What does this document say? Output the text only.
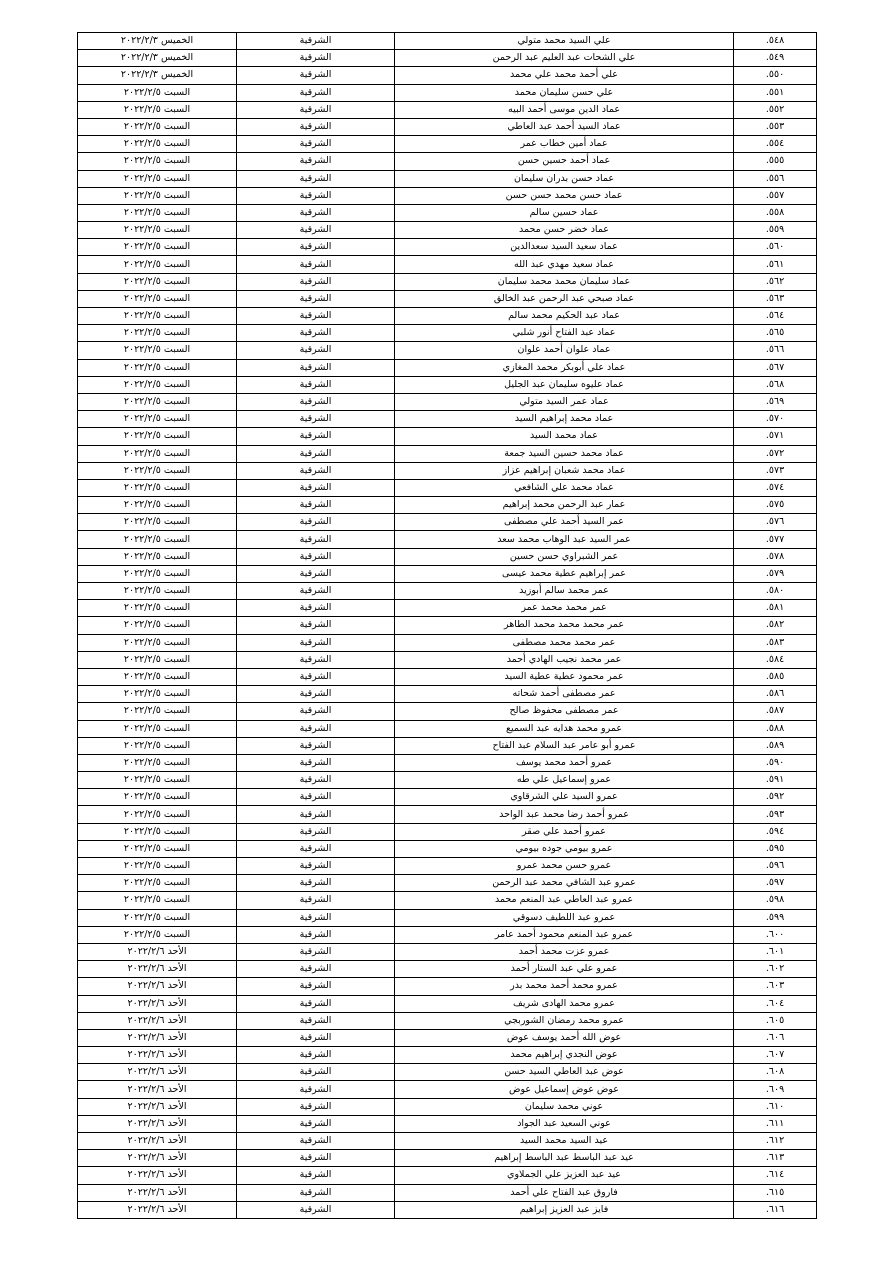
٥٤٨.	علي السيد محمد متولي	الشرقية	الخميس ٢٠٢٢/٢/٣
٥٤٩.	علي الشحات عبد العليم عبد الرحمن	الشرقية	الخميس ٢٠٢٢/٢/٣
٥٥٠.	علي أحمد محمد علي محمد	الشرقية	الخميس ٢٠٢٢/٢/٣
٥٥١.	علي حسن سليمان محمد	الشرقية	السبت ٢٠٢٢/٢/٥
٥٥٢.	عماد الدين موسى أحمد البيه	الشرقية	السبت ٢٠٢٢/٢/٥
٥٥٣.	عماد السيد أحمد عبد العاطي	الشرقية	السبت ٢٠٢٢/٢/٥
٥٥٤.	عماد أمين خطاب عمر	الشرقية	السبت ٢٠٢٢/٢/٥
٥٥٥.	عماد أحمد حسين حسن	الشرقية	السبت ٢٠٢٢/٢/٥
٥٥٦.	عماد حسن بدران سليمان	الشرقية	السبت ٢٠٢٢/٢/٥
٥٥٧.	عماد حسن محمد حسن حسن	الشرقية	السبت ٢٠٢٢/٢/٥
٥٥٨.	عماد حسين سالم	الشرقية	السبت ٢٠٢٢/٢/٥
٥٥٩.	عماد خضر حسن محمد	الشرقية	السبت ٢٠٢٢/٢/٥
٥٦٠.	عماد سعيد السيد سعدالدين	الشرقية	السبت ٢٠٢٢/٢/٥
٥٦١.	عماد سعيد مهدي عبد الله	الشرقية	السبت ٢٠٢٢/٢/٥
٥٦٢.	عماد سليمان محمد محمد سليمان	الشرقية	السبت ٢٠٢٢/٢/٥
٥٦٣.	عماد صبحي عبد الرحمن عبد الخالق	الشرقية	السبت ٢٠٢٢/٢/٥
٥٦٤.	عماد عبد الحكيم محمد سالم	الشرقية	السبت ٢٠٢٢/٢/٥
٥٦٥.	عماد عبد الفتاح أنور شلبي	الشرقية	السبت ٢٠٢٢/٢/٥
٥٦٦.	عماد علوان أحمد علوان	الشرقية	السبت ٢٠٢٢/٢/٥
٥٦٧.	عماد علي أبوبكر محمد المغازي	الشرقية	السبت ٢٠٢٢/٢/٥
٥٦٨.	عماد عليوه سليمان عبد الجليل	الشرقية	السبت ٢٠٢٢/٢/٥
٥٦٩.	عماد عمر السيد متولي	الشرقية	السبت ٢٠٢٢/٢/٥
٥٧٠.	عماد محمد إبراهيم السيد	الشرقية	السبت ٢٠٢٢/٢/٥
٥٧١.	عماد محمد السيد	الشرقية	السبت ٢٠٢٢/٢/٥
٥٧٢.	عماد محمد حسين السيد جمعة	الشرقية	السبت ٢٠٢٢/٢/٥
٥٧٣.	عماد محمد شعبان إبراهيم عزاز	الشرقية	السبت ٢٠٢٢/٢/٥
٥٧٤.	عماد محمد علي الشافعي	الشرقية	السبت ٢٠٢٢/٢/٥
٥٧٥.	عمار عبد الرحمن محمد إبراهيم	الشرقية	السبت ٢٠٢٢/٢/٥
٥٧٦.	عمر السيد أحمد علي مصطفى	الشرقية	السبت ٢٠٢٢/٢/٥
٥٧٧.	عمر السيد عبد الوهاب محمد سعد	الشرقية	السبت ٢٠٢٢/٢/٥
٥٧٨.	عمر الشبراوي حسن حسين	الشرقية	السبت ٢٠٢٢/٢/٥
٥٧٩.	عمر إبراهيم عطية محمد عيسى	الشرقية	السبت ٢٠٢٢/٢/٥
٥٨٠.	عمر محمد سالم أبوزيد	الشرقية	السبت ٢٠٢٢/٢/٥
٥٨١.	عمر محمد محمد عمر	الشرقية	السبت ٢٠٢٢/٢/٥
٥٨٢.	عمر محمد محمد محمد الطاهر	الشرقية	السبت ٢٠٢٢/٢/٥
٥٨٣.	عمر محمد محمد مصطفى	الشرقية	السبت ٢٠٢٢/٢/٥
٥٨٤.	عمر محمد نجيب الهادي أحمد	الشرقية	السبت ٢٠٢٢/٢/٥
٥٨٥.	عمر محمود عطية عطية السيد	الشرقية	السبت ٢٠٢٢/٢/٥
٥٨٦.	عمر مصطفى أحمد شحاته	الشرقية	السبت ٢٠٢٢/٢/٥
٥٨٧.	عمر مصطفى محفوظ صالح	الشرقية	السبت ٢٠٢٢/٢/٥
٥٨٨.	عمرو محمد هدايه عبد السميع	الشرقية	السبت ٢٠٢٢/٢/٥
٥٨٩.	عمرو أبو عامر عبد السلام عبد الفتاح	الشرقية	السبت ٢٠٢٢/٢/٥
٥٩٠.	عمرو أحمد محمد يوسف	الشرقية	السبت ٢٠٢٢/٢/٥
٥٩١.	عمرو إسماعيل علي طه	الشرقية	السبت ٢٠٢٢/٢/٥
٥٩٢.	عمرو السيد علي الشرقاوي	الشرقية	السبت ٢٠٢٢/٢/٥
٥٩٣.	عمرو أحمد رضا محمد عبد الواحد	الشرقية	السبت ٢٠٢٢/٢/٥
٥٩٤.	عمرو أحمد علي صقر	الشرقية	السبت ٢٠٢٢/٢/٥
٥٩٥.	عمرو بيومي جوده بيومي	الشرقية	السبت ٢٠٢٢/٢/٥
٥٩٦.	عمرو حسن محمد عمرو	الشرقية	السبت ٢٠٢٢/٢/٥
٥٩٧.	عمرو عبد الشافي محمد عبد الرحمن	الشرقية	السبت ٢٠٢٢/٢/٥
٥٩٨.	عمرو عبد العاطي عبد المنعم محمد	الشرقية	السبت ٢٠٢٢/٢/٥
٥٩٩.	عمرو عبد اللطيف دسوقي	الشرقية	السبت ٢٠٢٢/٢/٥
٦٠٠.	عمرو عبد المنعم محمود أحمد عامر	الشرقية	السبت ٢٠٢٢/٢/٥
٦٠١.	عمرو عزت محمد أحمد	الشرقية	الأحد ٢٠٢٢/٢/٦
٦٠٢.	عمرو علي عبد الستار أحمد	الشرقية	الأحد ٢٠٢٢/٢/٦
٦٠٣.	عمرو محمد أحمد محمد بدر	الشرقية	الأحد ٢٠٢٢/٢/٦
٦٠٤.	عمرو محمد الهادى شريف	الشرقية	الأحد ٢٠٢٢/٢/٦
٦٠٥.	عمرو محمد رمضان الشوربجي	الشرقية	الأحد ٢٠٢٢/٢/٦
٦٠٦.	عوض الله أحمد يوسف عوض	الشرقية	الأحد ٢٠٢٢/٢/٦
٦٠٧.	عوض النجدي إبراهيم محمد	الشرقية	الأحد ٢٠٢٢/٢/٦
٦٠٨.	عوض عبد العاطي السيد حسن	الشرقية	الأحد ٢٠٢٢/٢/٦
٦٠٩.	عوض عوض إسماعيل عوض	الشرقية	الأحد ٢٠٢٢/٢/٦
٦١٠.	عوني محمد سليمان	الشرقية	الأحد ٢٠٢٢/٢/٦
٦١١.	عوني السعيد عبد الجواد	الشرقية	الأحد ٢٠٢٢/٢/٦
٦١٢.	عيد السيد محمد السيد	الشرقية	الأحد ٢٠٢٢/٢/٦
٦١٣.	عيد عبد الباسط عبد الباسط إبراهيم	الشرقية	الأحد ٢٠٢٢/٢/٦
٦١٤.	عيد عبد العزيز علي الجملاوي	الشرقية	الأحد ٢٠٢٢/٢/٦
٦١٥.	فاروق عبد الفتاح علي أحمد	الشرقية	الأحد ٢٠٢٢/٢/٦
٦١٦.	فايز عبد العزيز إبراهيم	الشرقية	الأحد ٢٠٢٢/٢/٦
